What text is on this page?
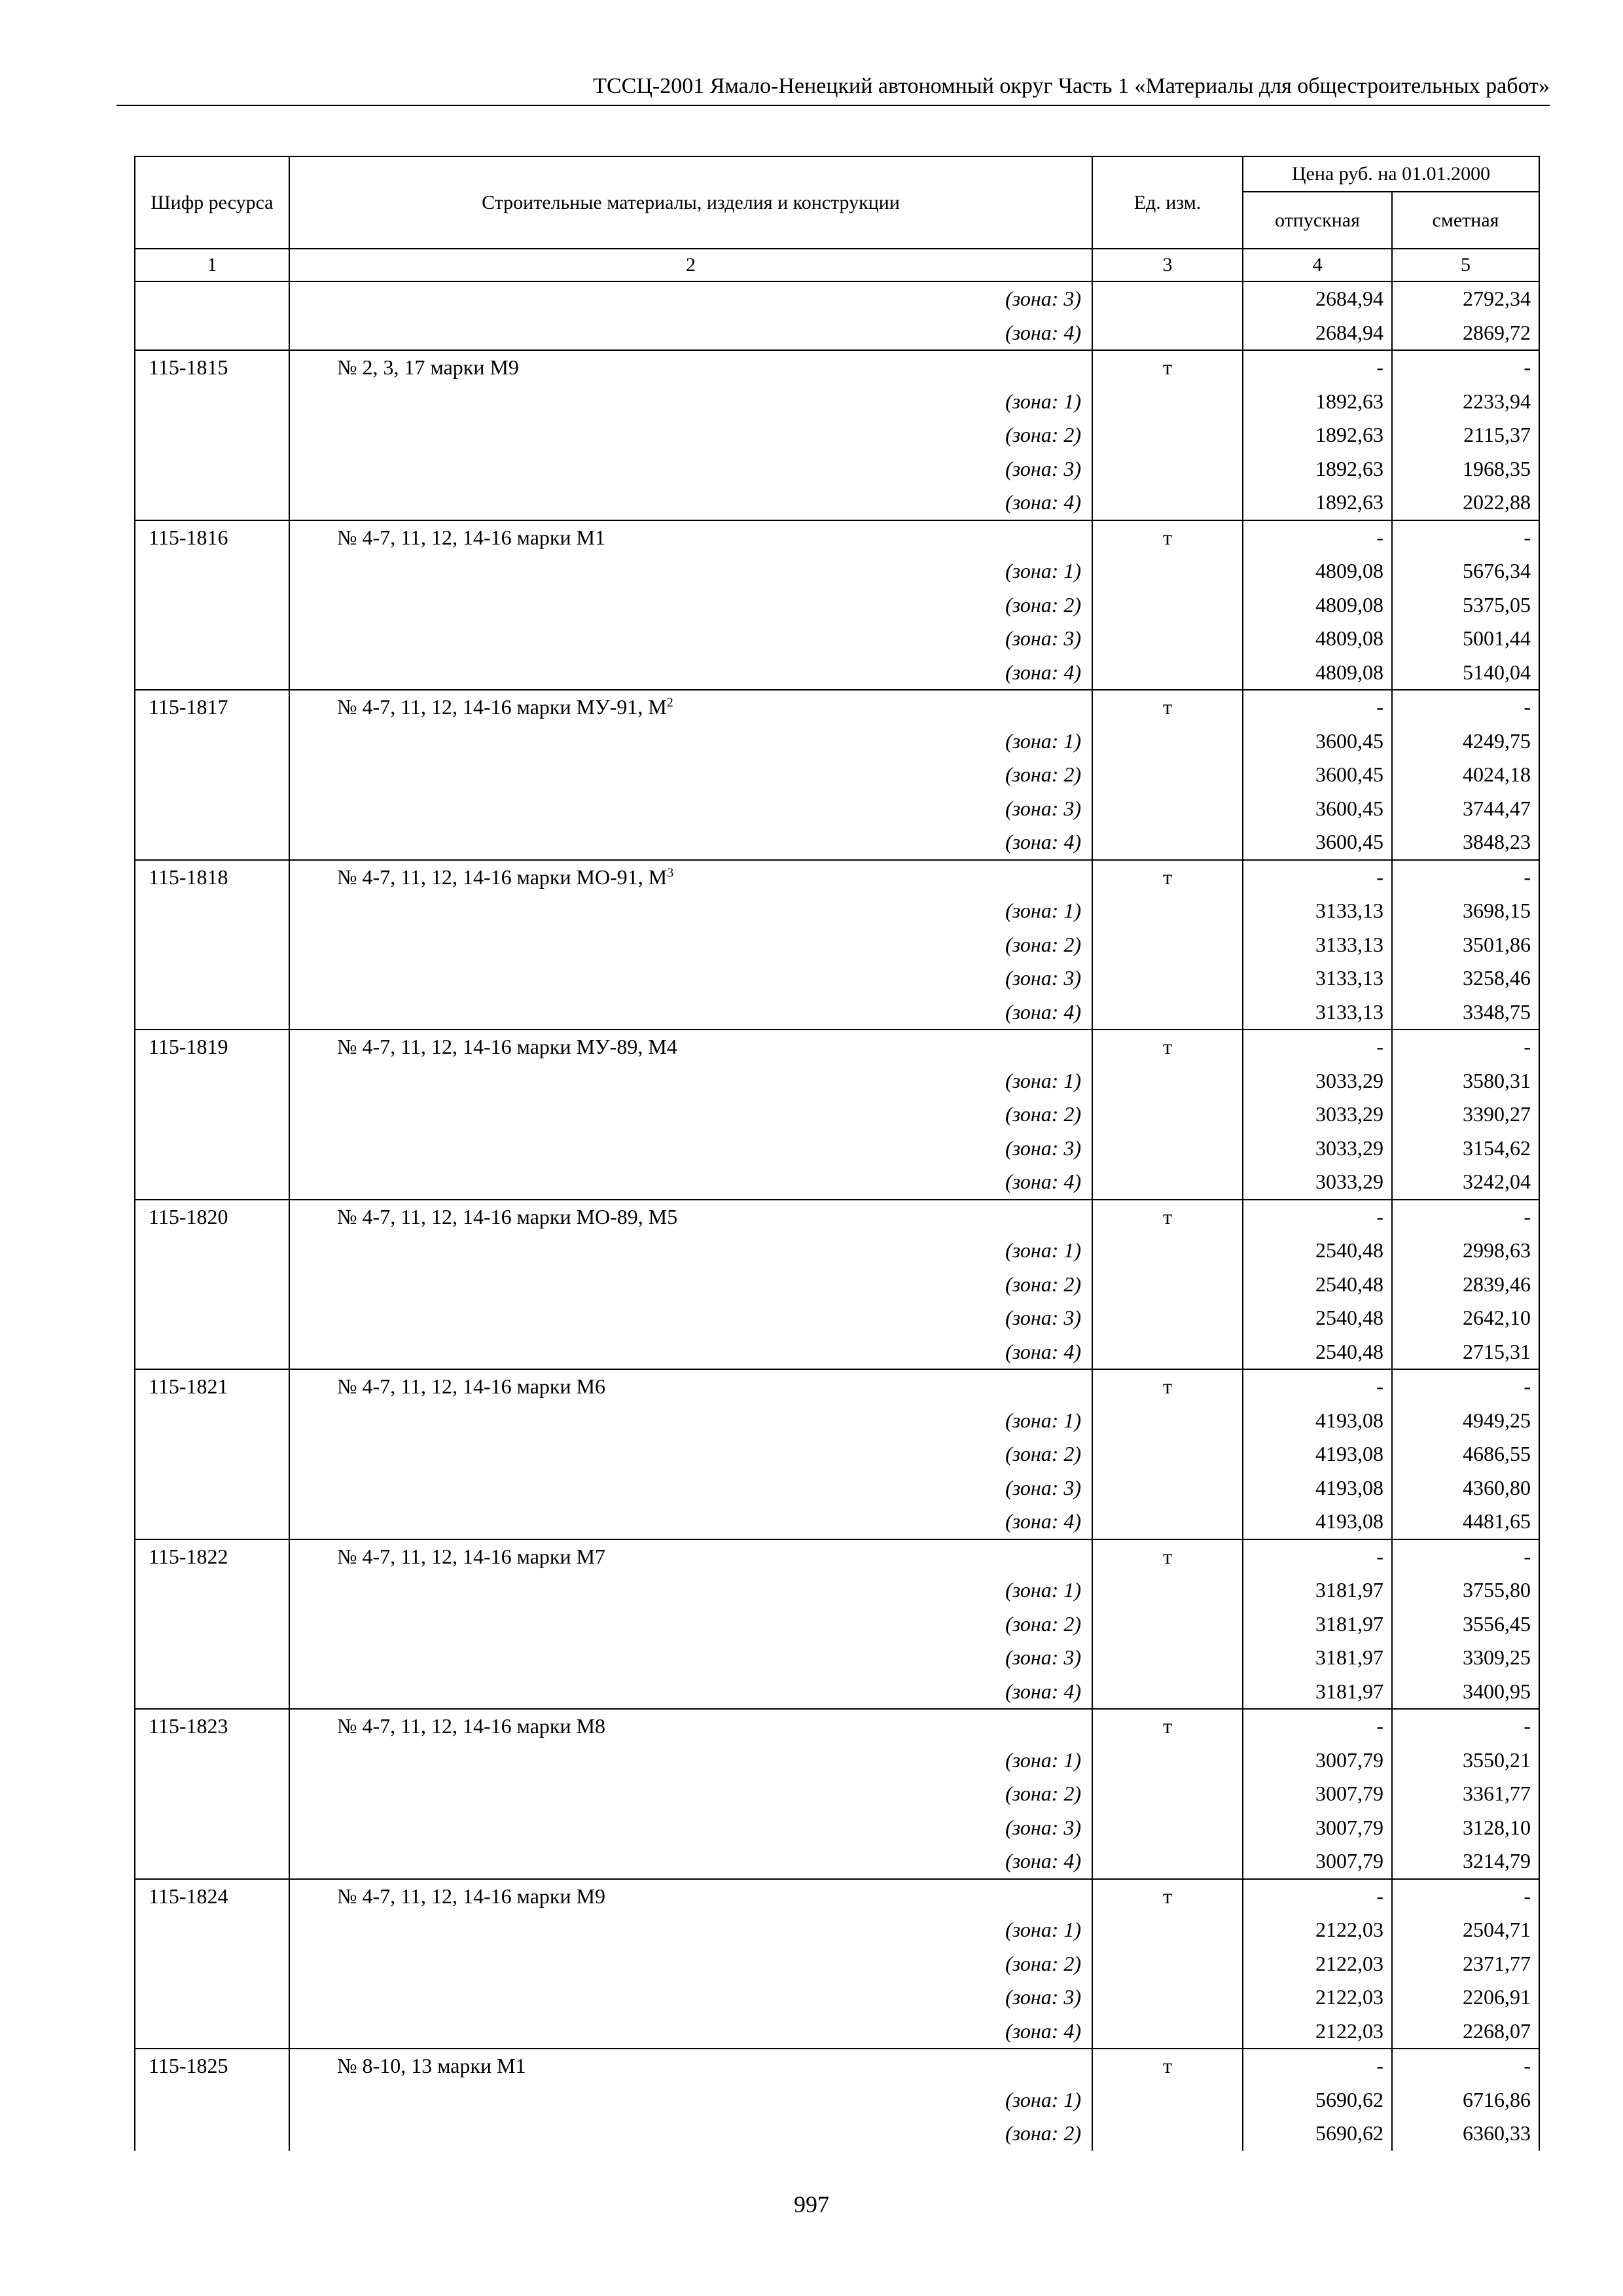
ТССЦ-2001 Ямало-Ненецкий автономный округ Часть 1 «Материалы для общестроительных работ»
Шифр ресурса	Строительные материалы, изделия и конструкции	Ед. изм.	Цена руб. на 01.01.2000	
			отпускная	сметная
1	2	3	4	5
	(зона: 3)		2684,94	2792,34
	(зона: 4)		2684,94	2869,72
115-1815	№ 2, 3, 17 марки М9	т	-	-
	(зона: 1)		1892,63	2233,94
	(зона: 2)		1892,63	2115,37
	(зона: 3)		1892,63	1968,35
	(зона: 4)		1892,63	2022,88
115-1816	№ 4-7, 11, 12, 14-16 марки М1	т	-	-
	(зона: 1)		4809,08	5676,34
	(зона: 2)		4809,08	5375,05
	(зона: 3)		4809,08	5001,44
	(зона: 4)		4809,08	5140,04
115-1817	№ 4-7, 11, 12, 14-16 марки МУ-91, $М^2$	т	-	-
	(зона: 1)		3600,45	4249,75
	(зона: 2)		3600,45	4024,18
	(зона: 3)		3600,45	3744,47
	(зона: 4)		3600,45	3848,23
115-1818	№ 4-7, 11, 12, 14-16 марки МО-91, $М^3$	т	-	-
	(зона: 1)		3133,13	3698,15
	(зона: 2)		3133,13	3501,86
	(зона: 3)		3133,13	3258,46
	(зона: 4)		3133,13	3348,75
115-1819	№ 4-7, 11, 12, 14-16 марки МУ-89, М4	т	-	-
	(зона: 1)		3033,29	3580,31
	(зона: 2)		3033,29	3390,27
	(зона: 3)		3033,29	3154,62
	(зона: 4)		3033,29	3242,04
115-1820	№ 4-7, 11, 12, 14-16 марки МО-89, М5	т	-	-
	(зона: 1)		2540,48	2998,63
	(зона: 2)		2540,48	2839,46
	(зона: 3)		2540,48	2642,10
	(зона: 4)		2540,48	2715,31
115-1821	№ 4-7, 11, 12, 14-16 марки М6	т	-	-
	(зона: 1)		4193,08	4949,25
	(зона: 2)		4193,08	4686,55
	(зона: 3)		4193,08	4360,80
	(зона: 4)		4193,08	4481,65
115-1822	№ 4-7, 11, 12, 14-16 марки М7	т	-	-
	(зона: 1)		3181,97	3755,80
	(зона: 2)		3181,97	3556,45
	(зона: 3)		3181,97	3309,25
	(зона: 4)		3181,97	3400,95
115-1823	№ 4-7, 11, 12, 14-16 марки М8	т	-	-
	(зона: 1)		3007,79	3550,21
	(зона: 2)		3007,79	3361,77
	(зона: 3)		3007,79	3128,10
	(зона: 4)		3007,79	3214,79
115-1824	№ 4-7, 11, 12, 14-16 марки М9	т	-	-
	(зона: 1)		2122,03	2504,71
	(зона: 2)		2122,03	2371,77
	(зона: 3)		2122,03	2206,91
	(зона: 4)		2122,03	2268,07
115-1825	№ 8-10, 13 марки М1	т	-	-
	(зона: 1)		5690,62	6716,86
	(зона: 2)		5690,62	6360,33
997
